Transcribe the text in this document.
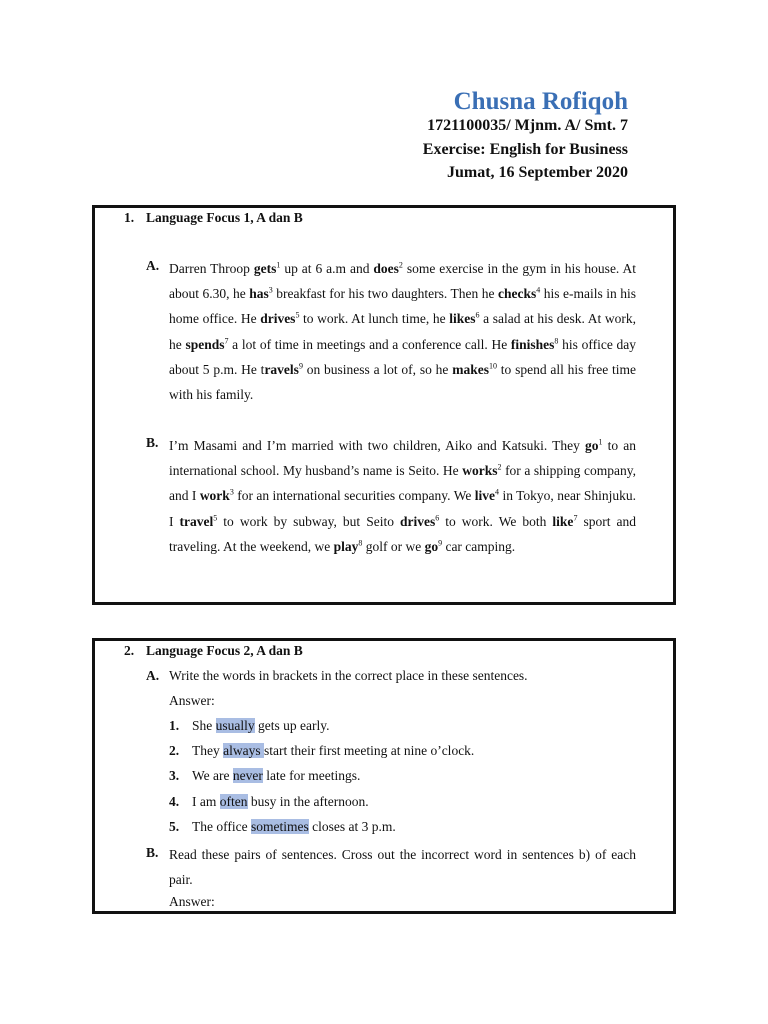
Chusna Rofiqoh
1721100035/ Mjnm. A/ Smt. 7
Exercise: English for Business
Jumat, 16 September 2020
1. Language Focus 1, A dan B
A. Darren Throop gets$^1$ up at 6 a.m and does$^2$ some exercise in the gym in his house. At about 6.30, he has$^3$ breakfast for his two daughters. Then he checks$^4$ his e-mails in his home office. He drives$^5$ to work. At lunch time, he likes$^6$ a salad at his desk. At work, he spends$^7$ a lot of time in meetings and a conference call. He finishes$^8$ his office day about 5 p.m. He travels$^9$ on business a lot of, so he makes$^{10}$ to spend all his free time with his family.
B. I’m Masami and I’m married with two children, Aiko and Katsuki. They $go^1$ to an international school. My husband’s name is Seito. He works$^2$ for a shipping company, and I work$^3$ for an international securities company. We live$^4$ in Tokyo, near Shinjuku. I travel$^5$ to work by subway, but Seito drives$^6$ to work. We both like$^7$ sport and traveling. At the weekend, we play$^8$ golf or we $go^9$ car camping.
2. Language Focus 2, A dan B
A. Write the words in brackets in the correct place in these sentences.
Answer:
1. She usually gets up early.
2. They always start their first meeting at nine o’clock.
3. We are never late for meetings.
4. I am often busy in the afternoon.
5. The office sometimes closes at 3 p.m.
B. Read these pairs of sentences. Cross out the incorrect word in sentences b) of each pair.
Answer:
